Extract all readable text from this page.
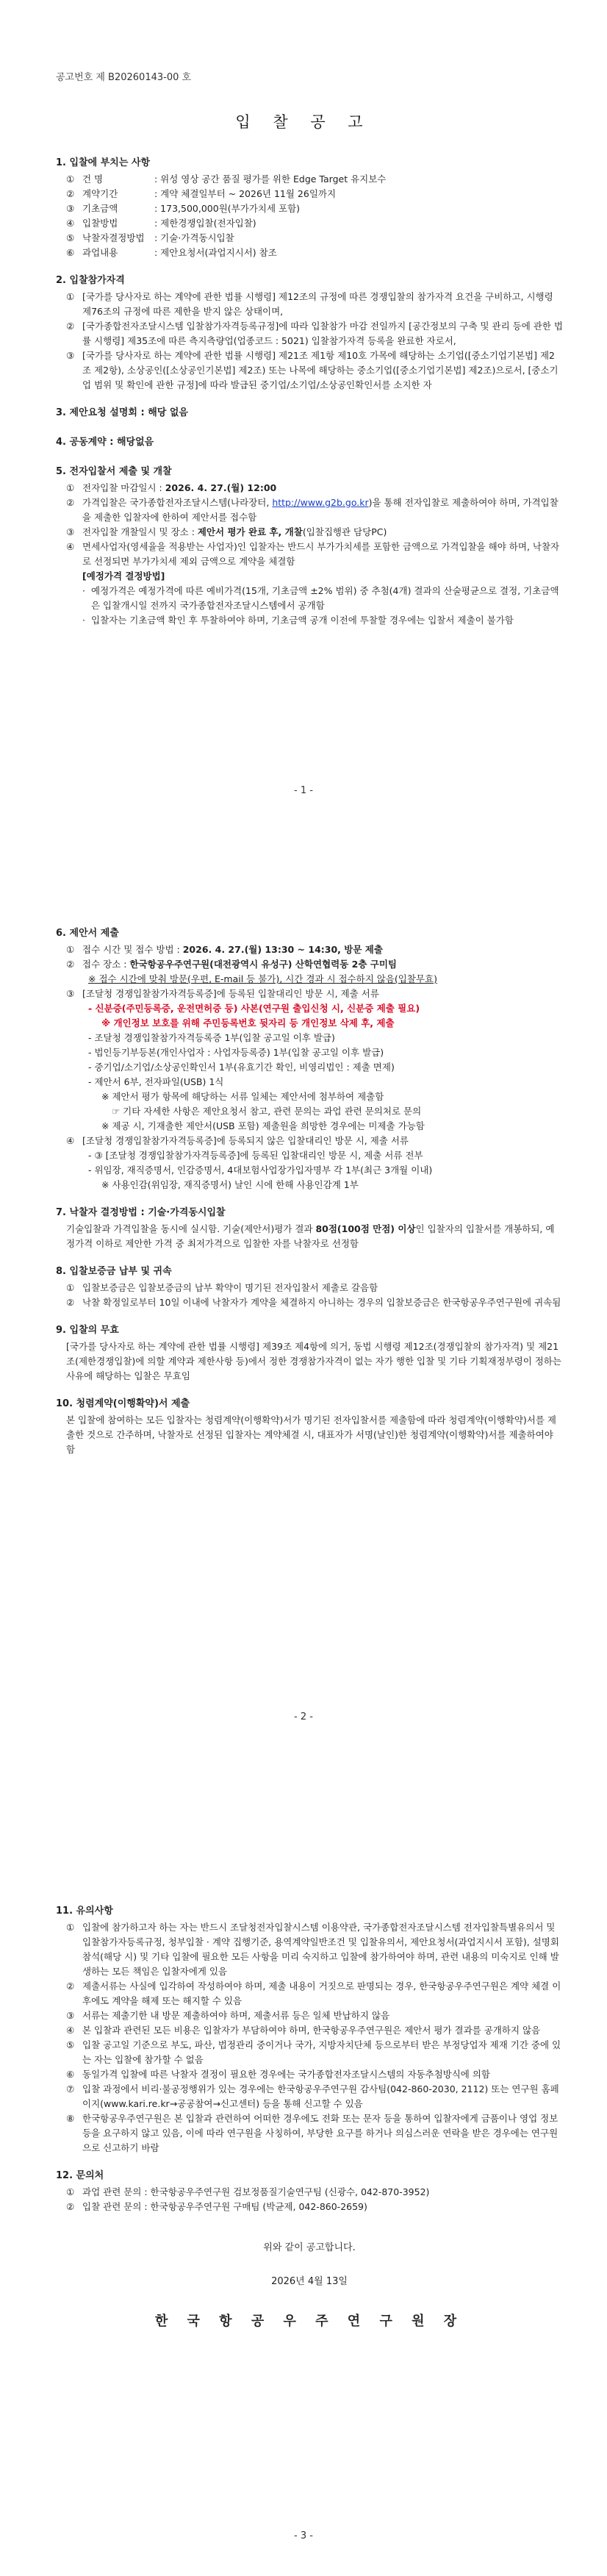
공고번호 제 B20260143-00 호
입 찰 공 고
1. 입찰에 부치는 사항
① 건 명	: 위성 영상 공간 품질 평가를 위한 Edge Target 유지보수
② 계약기간	: 계약 체결일부터 ~ 2026년 11월 26일까지
③ 기초금액	: 173,500,000원(부가가치세 포함)
④ 입찰방법	: 제한경쟁입찰(전자입찰)
⑤ 낙찰자결정방법	: 기술·가격동시입찰
⑥ 과업내용	: 제안요청서(과업지시서) 참조
2. 입찰참가자격
① [국가를 당사자로 하는 계약에 관한 법률 시행령] 제12조의 규정에 따른 경쟁입찰의 참가자격 요건을 구비하고, 시행령 제76조의 규정에 따른 제한을 받지 않은 상태이며,
② [국가종합전자조달시스템 입찰참가자격등록규정]에 따라 입찰참가 마감 전일까지 [공간정보의 구축 및 관리 등에 관한 법률 시행령] 제35조에 따른 측지측량업(업종코드 : 5021) 입찰참가자격 등록을 완료한 자로서,
③ [국가를 당사자로 하는 계약에 관한 법률 시행령] 제21조 제1항 제10호 가목에 해당하는 소기업([중소기업기본법] 제2조 제2항), 소상공인([소상공인기본법] 제2조) 또는 나목에 해당하는 중소기업([중소기업기본법] 제2조)으로서, [중소기업 범위 및 확인에 관한 규정]에 따라 발급된 중기업/소기업/소상공인확인서를 소지한 자
3. 제안요청 설명회 : 해당 없음
4. 공동계약 : 해당없음
5. 전자입찰서 제출 및 개찰
① 전자입찰 마감일시 : 2026. 4. 27.(월) 12:00
② 가격입찰은 국가종합전자조달시스템(나라장터, http://www.g2b.go.kr)을 통해 전자입찰로 제출하여야 하며, 가격입찰을 제출한 입찰자에 한하여 제안서를 접수함
③ 전자입찰 개찰일시 및 장소 : 제안서 평가 완료 후, 개찰(입찰집행관 담당PC)
④ 면세사업자(영세율을 적용받는 사업자)인 입찰자는 반드시 부가가치세를 포함한 금액으로 가격입찰을 해야 하며, 낙찰자로 선정되면 부가가치세 제외 금액으로 계약을 체결함
[예정가격 결정방법]
· 예정가격은 예정가격에 따른 예비가격(15개, 기초금액 ±2% 범위) 중 추첨(4개) 결과의 산술평균으로 결정, 기초금액은 입찰개시일 전까지 국가종합전자조달시스템에서 공개함
· 입찰자는 기초금액 확인 후 투찰하여야 하며, 기초금액 공개 이전에 투찰할 경우에는 입찰서 제출이 불가함
- 1 -
6. 제안서 제출
① 접수 시간 및 접수 방법 : 2026. 4. 27.(월) 13:30 ~ 14:30, 방문 제출
② 접수 장소 : 한국항공우주연구원(대전광역시 유성구) 산학연협력동 2층 구미팀
※ 접수 시간에 맞춰 방문(우편, E-mail 등 불가), 시간 경과 시 접수하지 않음(입찰무효)
③ [조달청 경쟁입찰참가자격등록증]에 등록된 입찰대리인 방문 시, 제출 서류
- 신분증(주민등록증, 운전면허증 등) 사본(연구원 출입신청 시, 신분증 제출 필요)
※ 개인정보 보호를 위해 주민등록번호 뒷자리 등 개인정보 삭제 후, 제출
- 조달청 경쟁입찰참가자격등록증 1부(입찰 공고일 이후 발급)
- 법인등기부등본(개인사업자 : 사업자등록증) 1부(입찰 공고일 이후 발급)
- 중기업/소기업/소상공인확인서 1부(유효기간 확인, 비영리법인 : 제출 면제)
- 제안서 6부, 전자파일(USB) 1식
※ 제안서 평가 항목에 해당하는 서류 일체는 제안서에 첨부하여 제출함
☞ 기타 자세한 사항은 제안요청서 참고, 관련 문의는 과업 관련 문의처로 문의
※ 제공 시, 기재출한 제안서(USB 포함) 제출원을 희망한 경우에는 미제출 가능함
④ [조달청 경쟁입찰참가자격등록증]에 등록되지 않은 입찰대리인 방문 시, 제출 서류
- ③ [조달청 경쟁입찰참가자격등록증]에 등록된 입찰대리인 방문 시, 제출 서류 전부
- 위임장, 재직증명서, 인감증명서, 4대보험사업장가입자명부 각 1부(최근 3개월 이내)
※ 사용인감(위임장, 재직증명서) 날인 시에 한해 사용인감계 1부
7. 낙찰자 결정방법 : 기술·가격동시입찰
기술입찰과 가격입찰을 동시에 실시함. 기술(제안서)평가 결과 80점(100점 만점) 이상인 입찰자의 입찰서를 개봉하되, 예정가격 이하로 제안한 가격 중 최저가격으로 입찰한 자를 낙찰자로 선정함
8. 입찰보증금 납부 및 귀속
① 입찰보증금은 입찰보증금의 납부 확약이 명기된 전자입찰서 제출로 갈음함
② 낙찰 확정일로부터 10일 이내에 낙찰자가 계약을 체결하지 아니하는 경우의 입찰보증금은 한국항공우주연구원에 귀속됨
9. 입찰의 무효
[국가를 당사자로 하는 계약에 관한 법률 시행령] 제39조 제4항에 의거, 동법 시행령 제12조(경쟁입찰의 참가자격) 및 제21조(제한경쟁입찰)에 의할 계약과 제한사항 등)에서 정한 경쟁참가자격이 없는 자가 행한 입찰 및 기타 기획재정부령이 정하는 사유에 해당하는 입찰은 무효임
10. 청렴계약(이행확약)서 제출
본 입찰에 참여하는 모든 입찰자는 청렴계약(이행확약)서가 명기된 전자입찰서를 제출함에 따라 청렴계약(이행확약)서를 제출한 것으로 간주하며, 낙찰자로 선정된 입찰자는 계약체결 시, 대표자가 서명(날인)한 청렴계약(이행확약)서를 제출하여야 함
- 2 -
11. 유의사항
① 입찰에 참가하고자 하는 자는 반드시 조달청전자입찰시스템 이용약관, 국가종합전자조달시스템 전자입찰특별유의서 및 입찰참가자등록규정, 청부입찰 · 계약 집행기준, 용역계약일반조건 및 입찰유의서, 제안요청서(과업지시서 포함), 설명회 참석(해당 시) 및 기타 입찰에 필요한 모든 사항을 미리 숙지하고 입찰에 참가하여야 하며, 관련 내용의 미숙지로 인해 발생하는 모든 책임은 입찰자에게 있음
② 제출서류는 사실에 입각하여 작성하여야 하며, 제출 내용이 거짓으로 판명되는 경우, 한국항공우주연구원은 계약 체결 이후에도 계약을 해제 또는 해지할 수 있음
③ 서류는 제출기한 내 방문 제출하여야 하며, 제출서류 등은 일체 반납하지 않음
④ 본 입찰과 관련된 모든 비용은 입찰자가 부담하여야 하며, 한국항공우주연구원은 제안서 평가 결과를 공개하지 않음
⑤ 입찰 공고일 기준으로 부도, 파산, 법정관리 중이거나 국가, 지방자치단체 등으로부터 받은 부정당업자 제재 기간 중에 있는 자는 입찰에 참가할 수 없음
⑥ 동일가격 입찰에 따른 낙찰자 결정이 필요한 경우에는 국가종합전자조달시스템의 자동추첨방식에 의함
⑦ 입찰 과정에서 비리·불공정행위가 있는 경우에는 한국항공우주연구원 감사팀(042-860-2030, 2112) 또는 연구원 홈페이지(www.kari.re.kr→공공참여→신고센터) 등을 통해 신고할 수 있음
⑧ 한국항공우주연구원은 본 입찰과 관련하여 어떠한 경우에도 전화 또는 문자 등을 통하여 입찰자에게 금품이나 영업 정보 등을 요구하지 않고 있음, 이에 따라 연구원을 사칭하여, 부당한 요구를 하거나 의심스러운 연락을 받은 경우에는 연구원으로 신고하기 바람
12. 문의처
① 과업 관련 문의 : 한국항공우주연구원 검보정품질기술연구팀 (신광수, 042-870-3952)
② 입찰 관련 문의 : 한국항공우주연구원 구매팀 (박균제, 042-860-2659)
위와 같이 공고합니다.
2026년 4월 13일
한 국 항 공 우 주 연 구 원 장
- 3 -
